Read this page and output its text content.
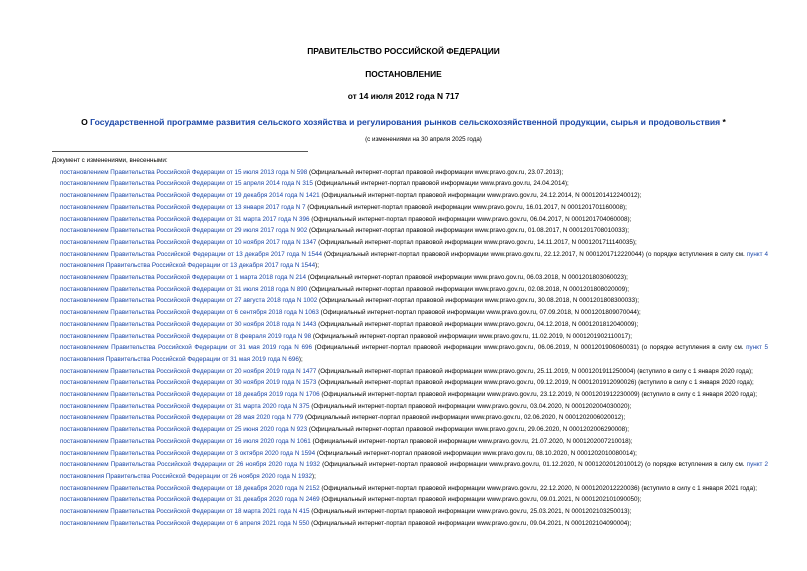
ПРАВИТЕЛЬСТВО РОССИЙСКОЙ ФЕДЕРАЦИИ
ПОСТАНОВЛЕНИЕ
от 14 июля 2012 года N 717
О Государственной программе развития сельского хозяйства и регулирования рынков сельскохозяйственной продукции, сырья и продовольствия *
(с изменениями на 30 апреля 2025 года)

Документ с изменениями, внесенными:

постановлением Правительства Российской Федерации от 15 июля 2013 года N 598 (Официальный интернет-портал правовой информации www.pravo.gov.ru, 23.07.2013);

постановлением Правительства Российской Федерации от 15 апреля 2014 года N 315 (Официальный интернет-портал правовой информации www.pravo.gov.ru, 24.04.2014);

постановлением Правительства Российской Федерации от 19 декабря 2014 года N 1421 (Официальный интернет-портал правовой информации www.pravo.gov.ru, 24.12.2014, N 0001201412240012);

постановлением Правительства Российской Федерации от 13 января 2017 года N 7 (Официальный интернет-портал правовой информации www.pravo.gov.ru, 16.01.2017, N 0001201701160008);

постановлением Правительства Российской Федерации от 31 марта 2017 года N 396 (Официальный интернет-портал правовой информации www.pravo.gov.ru, 06.04.2017, N 0001201704060008);

постановлением Правительства Российской Федерации от 29 июля 2017 года N 902 (Официальный интернет-портал правовой информации www.pravo.gov.ru, 01.08.2017, N 0001201708010033);

постановлением Правительства Российской Федерации от 10 ноября 2017 года N 1347 (Официальный интернет-портал правовой информации www.pravo.gov.ru, 14.11.2017, N 0001201711140035);

постановлением Правительства Российской Федерации от 13 декабря 2017 года N 1544 (Официальный интернет-портал правовой информации www.pravo.gov.ru, 22.12.2017, N 0001201712220044) (о порядке вступления в силу см. пункт 4 постановления Правительства Российской Федерации от 13 декабря 2017 года N 1544);

постановлением Правительства Российской Федерации от 1 марта 2018 года N 214 (Официальный интернет-портал правовой информации www.pravo.gov.ru, 06.03.2018, N 0001201803060023);

постановлением Правительства Российской Федерации от 31 июля 2018 года N 890 (Официальный интернет-портал правовой информации www.pravo.gov.ru, 02.08.2018, N 0001201808020009);

постановлением Правительства Российской Федерации от 27 августа 2018 года N 1002 (Официальный интернет-портал правовой информации www.pravo.gov.ru, 30.08.2018, N 0001201808300033);

постановлением Правительства Российской Федерации от 6 сентября 2018 года N 1063 (Официальный интернет-портал правовой информации www.pravo.gov.ru, 07.09.2018, N 0001201809070044);

постановлением Правительства Российской Федерации от 30 ноября 2018 года N 1443 (Официальный интернет-портал правовой информации www.pravo.gov.ru, 04.12.2018, N 0001201812040009);

постановлением Правительства Российской Федерации от 8 февраля 2019 года N 98 (Официальный интернет-портал правовой информации www.pravo.gov.ru, 11.02.2019, N 0001201902110017);

постановлением Правительства Российской Федерации от 31 мая 2019 года N 696 (Официальный интернет-портал правовой информации www.pravo.gov.ru, 06.06.2019, N 0001201906060031) (о порядке вступления в силу см. пункт 5 постановления Правительства Российской Федерации от 31 мая 2019 года N 696);

постановлением Правительства Российской Федерации от 20 ноября 2019 года N 1477 (Официальный интернет-портал правовой информации www.pravo.gov.ru, 25.11.2019, N 0001201911250004) (вступило в силу с 1 января 2020 года);

постановлением Правительства Российской Федерации от 30 ноября 2019 года N 1573 (Официальный интернет-портал правовой информации www.pravo.gov.ru, 09.12.2019, N 0001201912090026) (вступило в силу с 1 января 2020 года);

постановлением Правительства Российской Федерации от 18 декабря 2019 года N 1706 (Официальный интернет-портал правовой информации www.pravo.gov.ru, 23.12.2019, N 0001201912230009) (вступило в силу с 1 января 2020 года);

постановлением Правительства Российской Федерации от 31 марта 2020 года N 375 (Официальный интернет-портал правовой информации www.pravo.gov.ru, 03.04.2020, N 0001202004030020);

постановлением Правительства Российской Федерации от 28 мая 2020 года N 779 (Официальный интернет-портал правовой информации www.pravo.gov.ru, 02.06.2020, N 0001202006020012);

постановлением Правительства Российской Федерации от 25 июня 2020 года N 923 (Официальный интернет-портал правовой информации www.pravo.gov.ru, 29.06.2020, N 0001202006290008);

постановлением Правительства Российской Федерации от 16 июля 2020 года N 1061 (Официальный интернет-портал правовой информации www.pravo.gov.ru, 21.07.2020, N 0001202007210018);

постановлением Правительства Российской Федерации от 3 октября 2020 года N 1594 (Официальный интернет-портал правовой информации www.pravo.gov.ru, 08.10.2020, N 0001202010080014);

постановлением Правительства Российской Федерации от 26 ноября 2020 года N 1932 (Официальный интернет-портал правовой информации www.pravo.gov.ru, 01.12.2020, N 0001202012010012) (о порядке вступления в силу см. пункт 2 постановления Правительства Российской Федерации от 26 ноября 2020 года N 1932);

постановлением Правительства Российской Федерации от 18 декабря 2020 года N 2152 (Официальный интернет-портал правовой информации www.pravo.gov.ru, 22.12.2020, N 0001202012220036) (вступило в силу с 1 января 2021 года);

постановлением Правительства Российской Федерации от 31 декабря 2020 года N 2469 (Официальный интернет-портал правовой информации www.pravo.gov.ru, 09.01.2021, N 0001202101090050);

постановлением Правительства Российской Федерации от 18 марта 2021 года N 415 (Официальный интернет-портал правовой информации www.pravo.gov.ru, 25.03.2021, N 0001202103250013);

постановлением Правительства Российской Федерации от 6 апреля 2021 года N 550 (Официальный интернет-портал правовой информации www.pravo.gov.ru, 09.04.2021, N 0001202104090004);
